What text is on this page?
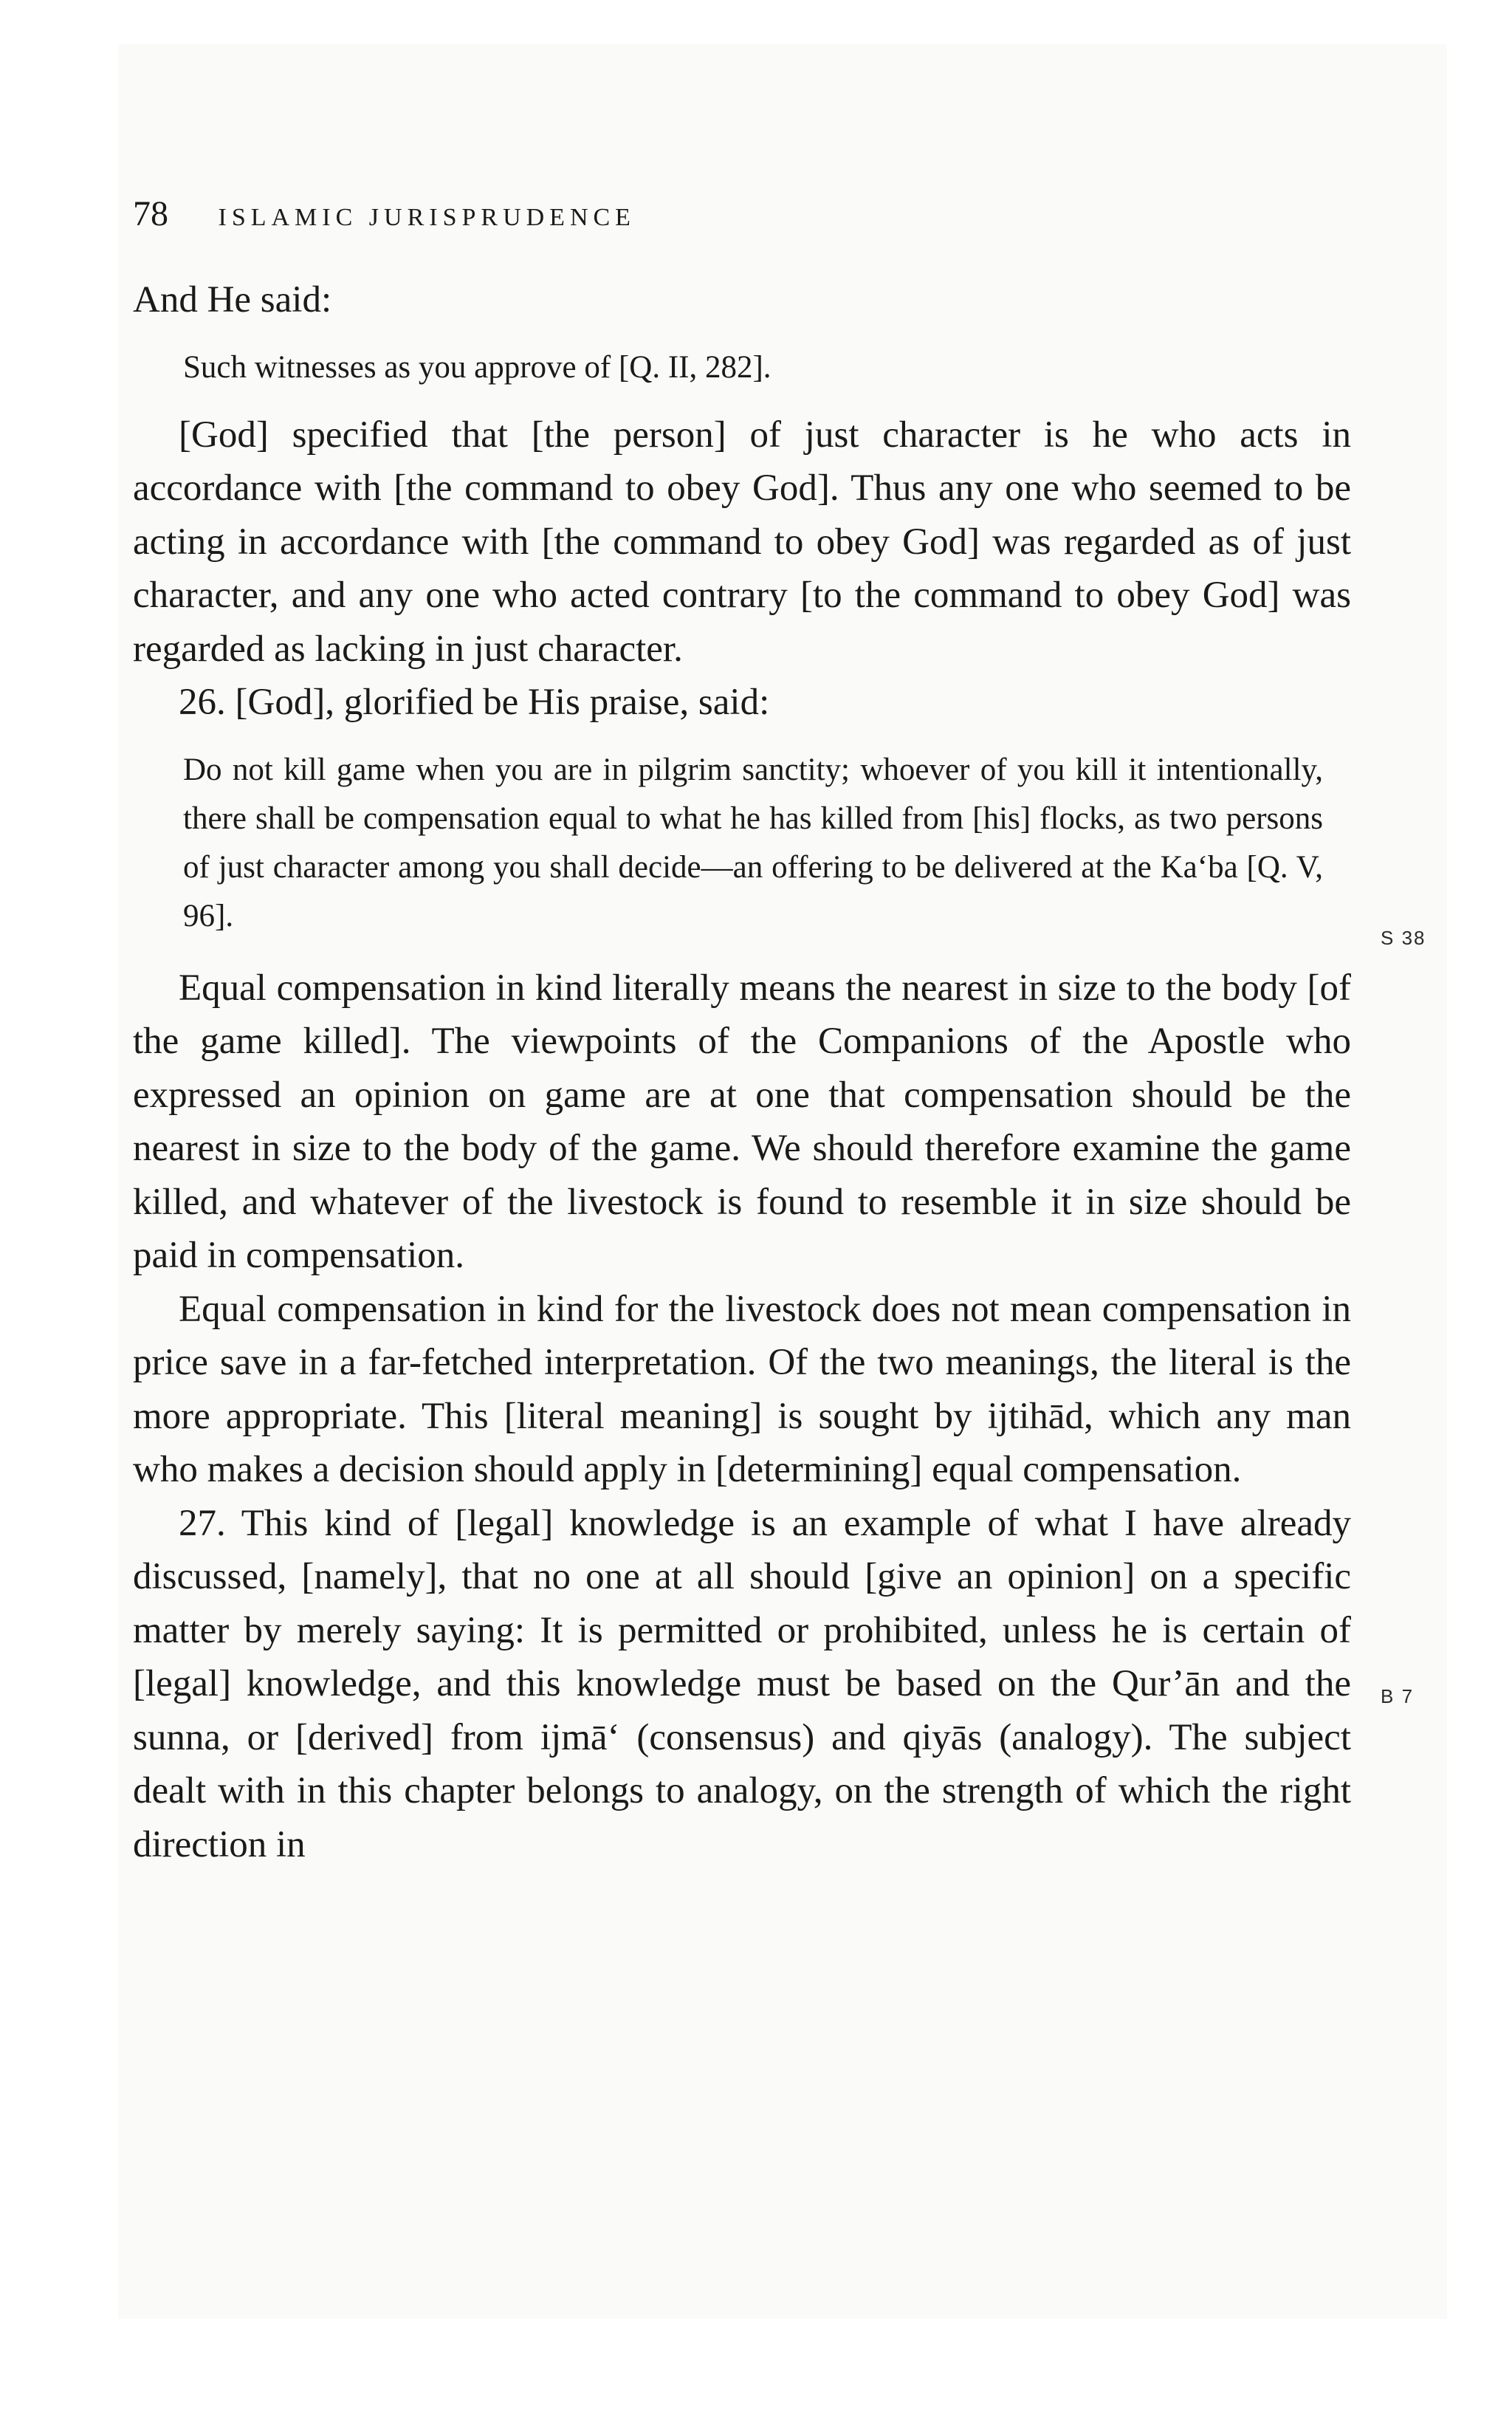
78 ISLAMIC JURISPRUDENCE

And He said:

Such witnesses as you approve of [Q. II, 282].

[God] specified that [the person] of just character is he who acts in accordance with [the command to obey God]. Thus any one who seemed to be acting in accordance with [the command to obey God] was regarded as of just character, and any one who acted contrary [to the command to obey God] was regarded as lacking in just character.

26. [God], glorified be His praise, said:

Do not kill game when you are in pilgrim sanctity; whoever of you kill it intentionally, there shall be compensation equal to what he has killed from [his] flocks, as two persons of just character among you shall decide—an offering to be delivered at the Ka‘ba [Q. V, 96].

Equal compensation in kind literally means the nearest in size to the body [of the game killed]. The viewpoints of the Companions of the Apostle who expressed an opinion on game are at one that compensation should be the nearest in size to the body of the game. We should therefore examine the game killed, and whatever of the livestock is found to resemble it in size should be paid in compensation.

Equal compensation in kind for the livestock does not mean compensation in price save in a far-fetched interpretation. Of the two meanings, the literal is the more appropriate. This [literal meaning] is sought by ijtihād, which any man who makes a decision should apply in [determining] equal compensation.

27. This kind of [legal] knowledge is an example of what I have already discussed, [namely], that no one at all should [give an opinion] on a specific matter by merely saying: It is permitted or prohibited, unless he is certain of [legal] knowledge, and this knowledge must be based on the Qur’ān and the sunna, or [derived] from ijmā‘ (consensus) and qiyās (analogy). The subject dealt with in this chapter belongs to analogy, on the strength of which the right direction in

S 38
B 7
